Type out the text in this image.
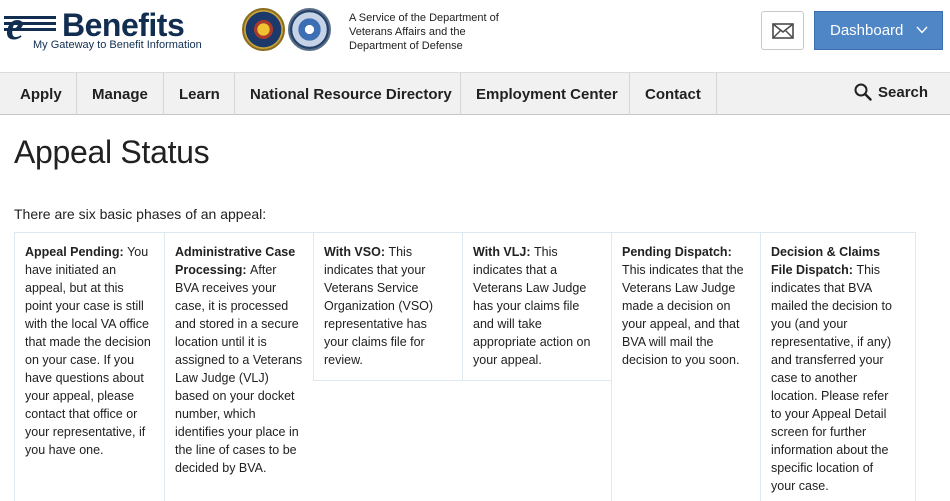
e Benefits
My Gateway to Benefit Information
A Service of the Department of Veterans Affairs and the Department of Defense
Dashboard
Apply	Manage	Learn	National Resource Directory	Employment Center	Contact	Search
Appeal Status

There are six basic phases of an appeal:

Appeal Pending: You have initiated an appeal, but at this point your case is still with the local VA office that made the decision on your case. If you have questions about your appeal, please contact that office or your representative, if you have one.
Administrative Case Processing: After BVA receives your case, it is processed and stored in a secure location until it is assigned to a Veterans Law Judge (VLJ) based on your docket number, which identifies your place in the line of cases to be decided by BVA.
With VSO: This indicates that your Veterans Service Organization (VSO) representative has your claims file for review.
With VLJ: This indicates that a Veterans Law Judge has your claims file and will take appropriate action on your appeal.
Pending Dispatch: This indicates that the Veterans Law Judge made a decision on your appeal, and that BVA will mail the decision to you soon.
Decision & Claims File Dispatch: This indicates that BVA mailed the decision to you (and your representative, if any) and transferred your case to another location. Please refer to your Appeal Detail screen for further information about the specific location of your case.
